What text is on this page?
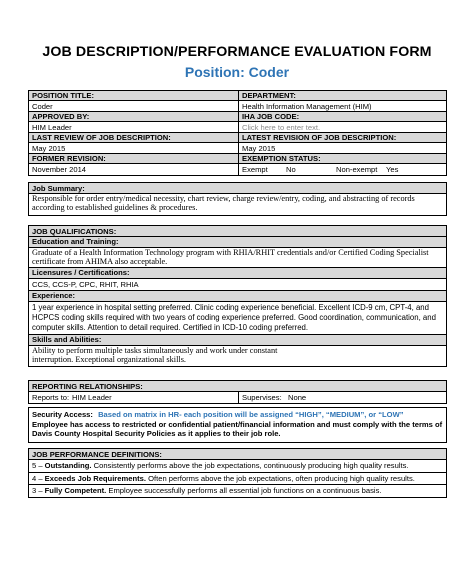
JOB DESCRIPTION/PERFORMANCE EVALUATION FORM
Position: Coder
POSITION TITLE:	DEPARTMENT:
Coder	Health Information Management (HIM)
APPROVED BY:	IHA JOB CODE:
HIM Leader	Click here to enter text.
LAST REVIEW OF JOB DESCRIPTION:	LATEST REVISION OF JOB DESCRIPTION:
May 2015	May 2015
FORMER REVISION:	EXEMPTION STATUS:
November 2014	Exempt	No	Non-exempt	Yes
Job Summary:
Responsible for order entry/medical necessity, chart review, charge review/entry, coding, and abstracting of records according to established guidelines & procedures.
JOB QUALIFICATIONS:
Education and Training:
Graduate of a Health Information Technology program with RHIA/RHIT credentials and/or Certified Coding Specialist certificate from AHIMA also acceptable.
Licensures / Certifications:
CCS, CCS-P, CPC, RHIT, RHIA
Experience:
1 year experience in hospital setting preferred. Clinic coding experience beneficial. Excellent ICD-9 cm, CPT-4, and HCPCS coding skills required with two years of coding experience preferred. Good coordination, communication, and computer skills. Attention to detail required. Certified in ICD-10 coding preferred.
Skills and Abilities:
Ability to perform multiple tasks simultaneously and work under constant interruption. Exceptional organizational skills.
REPORTING RELATIONSHIPS:
Reports to: HIM Leader	Supervises: None
Security Access: Based on matrix in HR- each position will be assigned “HIGH”, “MEDIUM”, or “LOW”
Employee has access to restricted or confidential patient/financial information and must comply with the terms of Davis County Hospital Security Policies as it applies to their job role.
JOB PERFORMANCE DEFINITIONS:
5 – Outstanding. Consistently performs above the job expectations, continuously producing high quality results.
4 – Exceeds Job Requirements. Often performs above the job expectations, often producing high quality results.
3 – Fully Competent. Employee successfully performs all essential job functions on a continuous basis.
